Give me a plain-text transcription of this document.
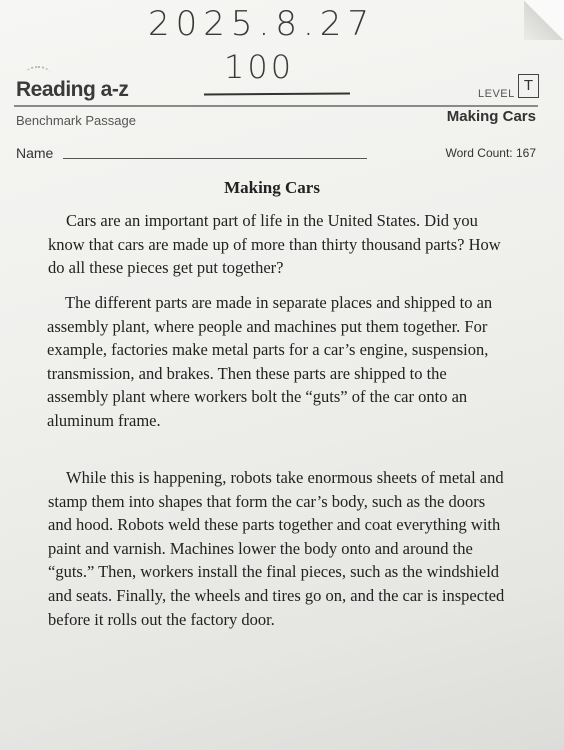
2025.8.27
100
Reading a-z	LEVEL T
Benchmark Passage	Making Cars
Name	Word Count: 167
Making Cars

Cars are an important part of life in the United States. Did you know that cars are made up of more than thirty thousand parts? How do all these pieces get put together?

The different parts are made in separate places and shipped to an assembly plant, where people and machines put them together. For example, factories make metal parts for a car’s engine, suspension, transmission, and brakes. Then these parts are shipped to the assembly plant where workers bolt the “guts” of the car onto an aluminum frame.

While this is happening, robots take enormous sheets of metal and stamp them into shapes that form the car’s body, such as the doors and hood. Robots weld these parts together and coat everything with paint and varnish. Machines lower the body onto and around the “guts.” Then, workers install the final pieces, such as the windshield and seats. Finally, the wheels and tires go on, and the car is inspected before it rolls out the factory door.
